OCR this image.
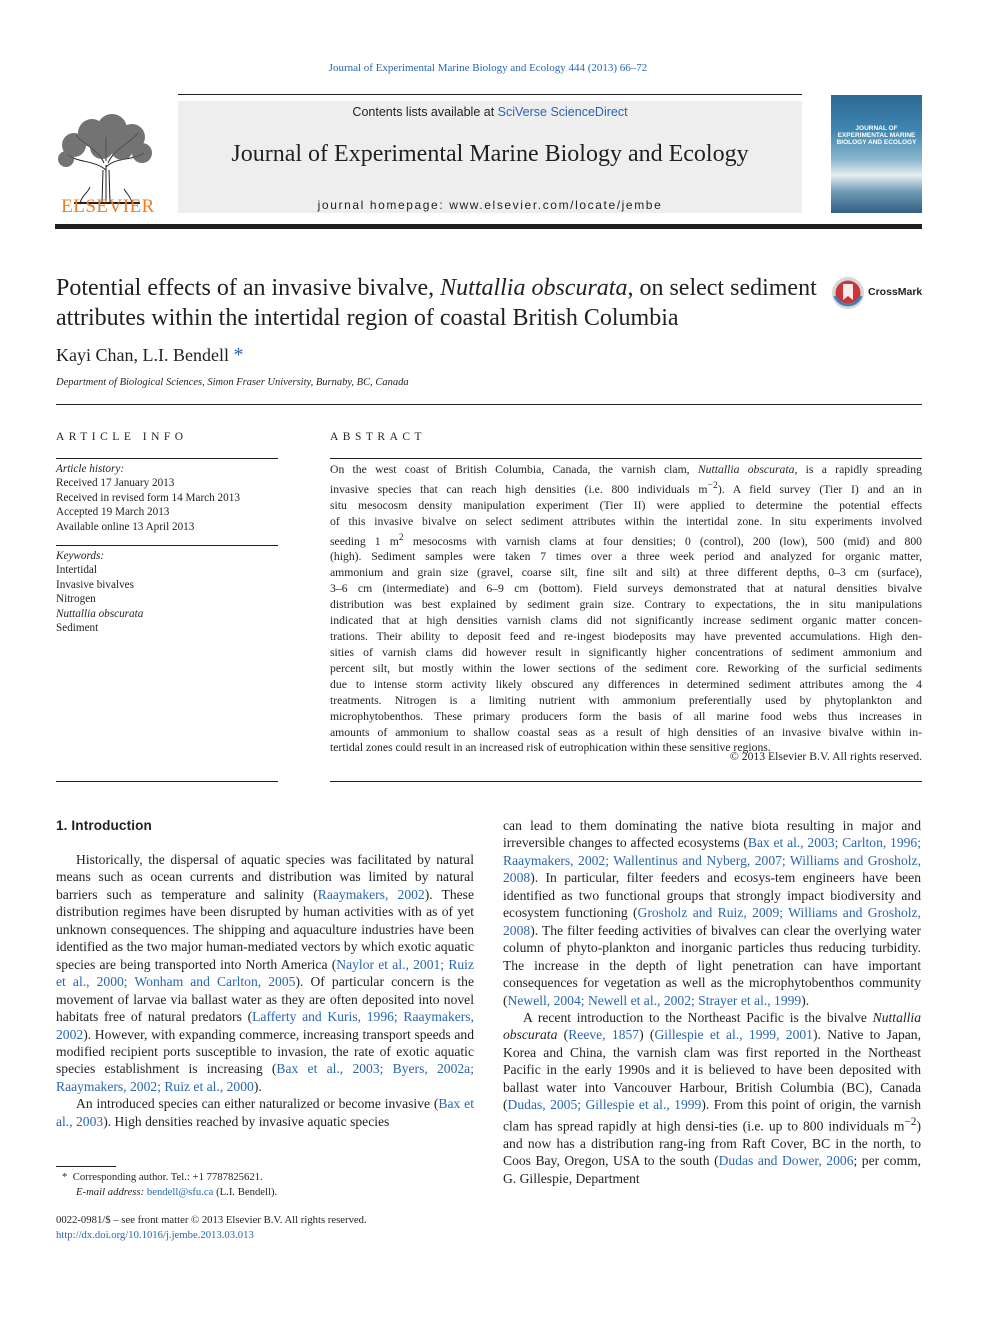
Journal of Experimental Marine Biology and Ecology 444 (2013) 66–72
ELSEVIER
Contents lists available at SciVerse ScienceDirect
Journal of Experimental Marine Biology and Ecology
journal homepage: www.elsevier.com/locate/jembe
JOURNAL OF EXPERIMENTAL MARINE BIOLOGY AND ECOLOGY
Potential effects of an invasive bivalve, Nuttallia obscurata, on select sediment attributes within the intertidal region of coastal British Columbia
CrossMark
Kayi Chan, L.I. Bendell *
Department of Biological Sciences, Simon Fraser University, Burnaby, BC, Canada
ARTICLE INFO
Article history:
Received 17 January 2013
Received in revised form 14 March 2013
Accepted 19 March 2013
Available online 13 April 2013
Keywords:
Intertidal
Invasive bivalves
Nitrogen
Nuttallia obscurata
Sediment
ABSTRACT
On the west coast of British Columbia, Canada, the varnish clam, Nuttallia obscurata, is a rapidly spreading
invasive species that can reach high densities (i.e. 800 individuals $m^{-2}$). A field survey (Tier I) and an in
situ mesocosm density manipulation experiment (Tier II) were applied to determine the potential effects
of this invasive bivalve on select sediment attributes within the intertidal zone. In situ experiments involved
seeding 1 $m^2$ mesocosms with varnish clams at four densities; 0 (control), 200 (low), 500 (mid) and 800
(high). Sediment samples were taken 7 times over a three week period and analyzed for organic matter,
ammonium and grain size (gravel, coarse silt, fine silt and silt) at three different depths, 0–3 cm (surface),
3–6 cm (intermediate) and 6–9 cm (bottom). Field surveys demonstrated that at natural densities bivalve
distribution was best explained by sediment grain size. Contrary to expectations, the in situ manipulations
indicated that at high densities varnish clams did not significantly increase sediment organic matter concen-
trations. Their ability to deposit feed and re-ingest biodeposits may have prevented accumulations. High den-
sities of varnish clams did however result in significantly higher concentrations of sediment ammonium and
percent silt, but mostly within the lower sections of the sediment core. Reworking of the surficial sediments
due to intense storm activity likely obscured any differences in determined sediment attributes among the 4
treatments. Nitrogen is a limiting nutrient with ammonium preferentially used by phytoplankton and
microphytobenthos. These primary producers form the basis of all marine food webs thus increases in
amounts of ammonium to shallow coastal seas as a result of high densities of an invasive bivalve within in-
tertidal zones could result in an increased risk of eutrophication within these sensitive regions.
© 2013 Elsevier B.V. All rights reserved.
1. Introduction

Historically, the dispersal of aquatic species was facilitated by natural means such as ocean currents and distribution was limited by natural barriers such as temperature and salinity (Raaymakers, 2002). These distribution regimes have been disrupted by human activities with as of yet unknown consequences. The shipping and aquaculture industries have been identified as the two major human-mediated vectors by which exotic aquatic species are being transported into North America (Naylor et al., 2001; Ruiz et al., 2000; Wonham and Carlton, 2005). Of particular concern is the movement of larvae via ballast water as they are often deposited into novel habitats free of natural predators (Lafferty and Kuris, 1996; Raaymakers, 2002). However, with expanding commerce, increasing transport speeds and modified recipient ports susceptible to invasion, the rate of exotic aquatic species establishment is increasing (Bax et al., 2003; Byers, 2002a; Raaymakers, 2002; Ruiz et al., 2000).

An introduced species can either naturalized or become invasive (Bax et al., 2003). High densities reached by invasive aquatic species

can lead to them dominating the native biota resulting in major and irreversible changes to affected ecosystems (Bax et al., 2003; Carlton, 1996; Raaymakers, 2002; Wallentinus and Nyberg, 2007; Williams and Grosholz, 2008). In particular, filter feeders and ecosys-tem engineers have been identified as two functional groups that strongly impact biodiversity and ecosystem functioning (Grosholz and Ruiz, 2009; Williams and Grosholz, 2008). The filter feeding activities of bivalves can clear the overlying water column of phyto-plankton and inorganic particles thus reducing turbidity. The increase in the depth of light penetration can have important consequences for vegetation as well as the microphytobenthos community (Newell, 2004; Newell et al., 2002; Strayer et al., 1999).

A recent introduction to the Northeast Pacific is the bivalve Nuttallia obscurata (Reeve, 1857) (Gillespie et al., 1999, 2001). Native to Japan, Korea and China, the varnish clam was first reported in the Northeast Pacific in the early 1990s and it is believed to have been deposited with ballast water into Vancouver Harbour, British Columbia (BC), Canada (Dudas, 2005; Gillespie et al., 1999). From this point of origin, the varnish clam has spread rapidly at high densi-ties (i.e. up to 800 individuals $m^{-2}$) and now has a distribution rang-ing from Raft Cover, BC in the north, to Coos Bay, Oregon, USA to the south (Dudas and Dower, 2006; per comm, G. Gillespie, Department

*  Corresponding author. Tel.: +1 7787825621.
E-mail address: bendell@sfu.ca (L.I. Bendell).
0022-0981/$ – see front matter © 2013 Elsevier B.V. All rights reserved.
http://dx.doi.org/10.1016/j.jembe.2013.03.013
